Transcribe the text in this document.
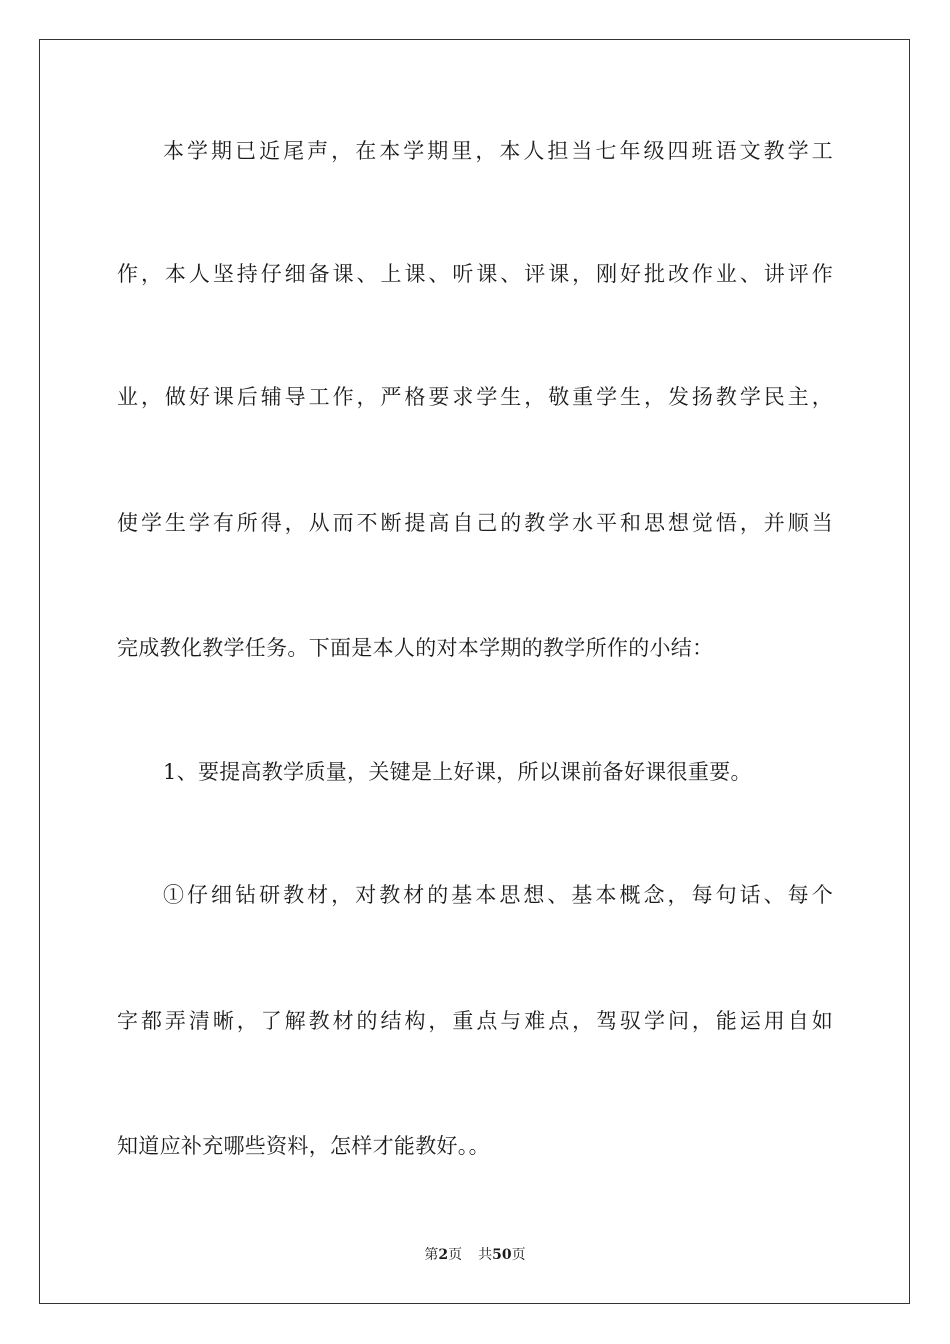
本学期已近尾声，在本学期里，本人担当七年级四班语文教学工
作，本人坚持仔细备课、上课、听课、评课，刚好批改作业、讲评作
业，做好课后辅导工作，严格要求学生，敬重学生，发扬教学民主，
使学生学有所得，从而不断提高自己的教学水平和思想觉悟，并顺当
完成教化教学任务。下面是本人的对本学期的教学所作的小结：
1、要提高教学质量，关键是上好课，所以课前备好课很重要。
①仔细钻研教材，对教材的基本思想、基本概念，每句话、每个
字都弄清晰，了解教材的结构，重点与难点，驾驭学问，能运用自如
知道应补充哪些资料，怎样才能教好。。
第2页 共50页
